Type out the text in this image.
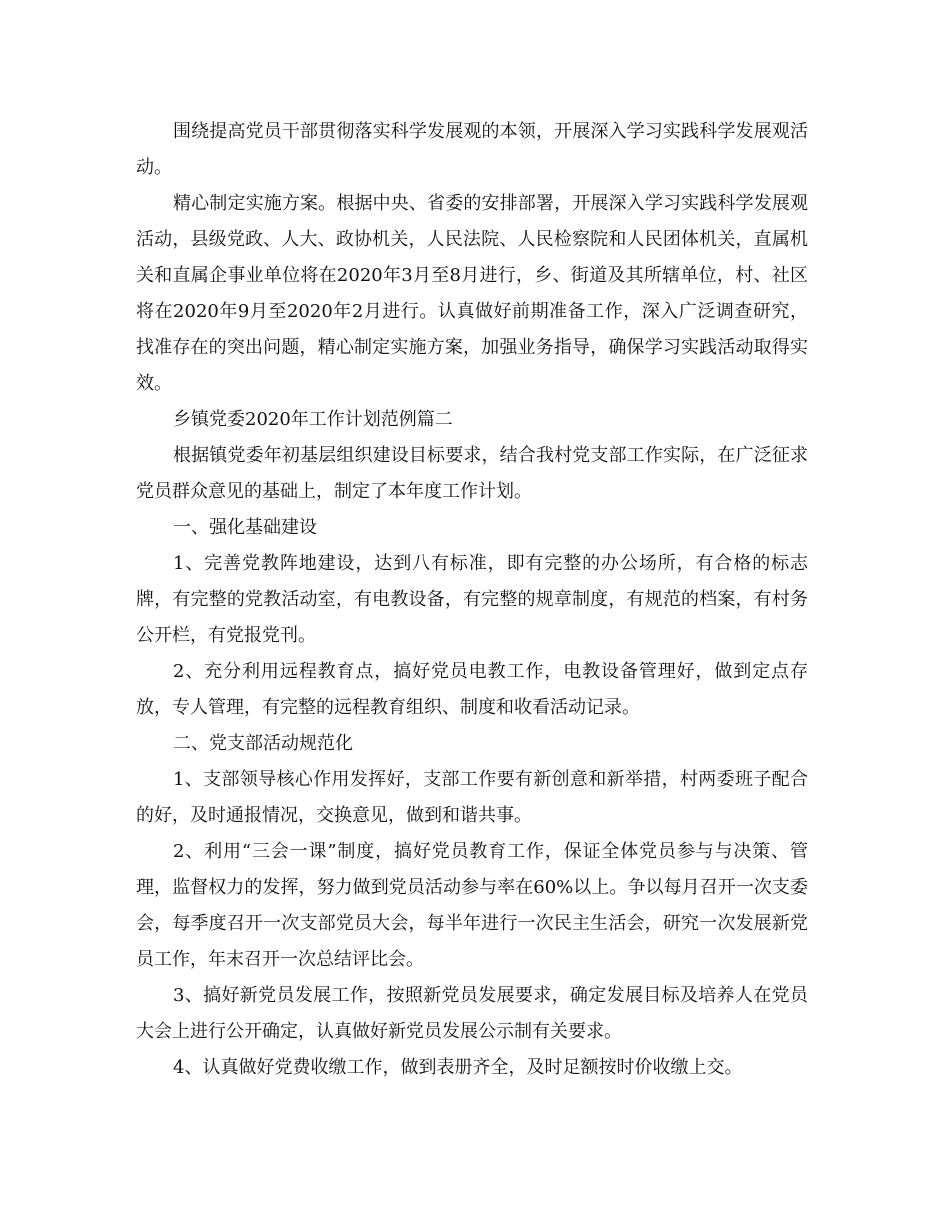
围绕提高党员干部贯彻落实科学发展观的本领，开展深入学习实践科学发展观活动。

精心制定实施方案。根据中央、省委的安排部署，开展深入学习实践科学发展观活动，县级党政、人大、政协机关，人民法院、人民检察院和人民团体机关，直属机关和直属企事业单位将在2020年3月至8月进行，乡、街道及其所辖单位，村、社区将在2020年9月至2020年2月进行。认真做好前期准备工作，深入广泛调查研究，找准存在的突出问题，精心制定实施方案，加强业务指导，确保学习实践活动取得实效。

乡镇党委2020年工作计划范例篇二

根据镇党委年初基层组织建设目标要求，结合我村党支部工作实际，在广泛征求党员群众意见的基础上，制定了本年度工作计划。

一、强化基础建设

1、完善党教阵地建设，达到八有标准，即有完整的办公场所，有合格的标志牌，有完整的党教活动室，有电教设备，有完整的规章制度，有规范的档案，有村务公开栏，有党报党刊。

2、充分利用远程教育点，搞好党员电教工作，电教设备管理好，做到定点存放，专人管理，有完整的远程教育组织、制度和收看活动记录。

二、党支部活动规范化

1、支部领导核心作用发挥好，支部工作要有新创意和新举措，村两委班子配合的好，及时通报情况，交换意见，做到和谐共事。

2、利用“三会一课”制度，搞好党员教育工作，保证全体党员参与与决策、管理，监督权力的发挥，努力做到党员活动参与率在60%以上。争以每月召开一次支委会，每季度召开一次支部党员大会，每半年进行一次民主生活会，研究一次发展新党员工作，年末召开一次总结评比会。

3、搞好新党员发展工作，按照新党员发展要求，确定发展目标及培养人在党员大会上进行公开确定，认真做好新党员发展公示制有关要求。

4、认真做好党费收缴工作，做到表册齐全，及时足额按时价收缴上交。
